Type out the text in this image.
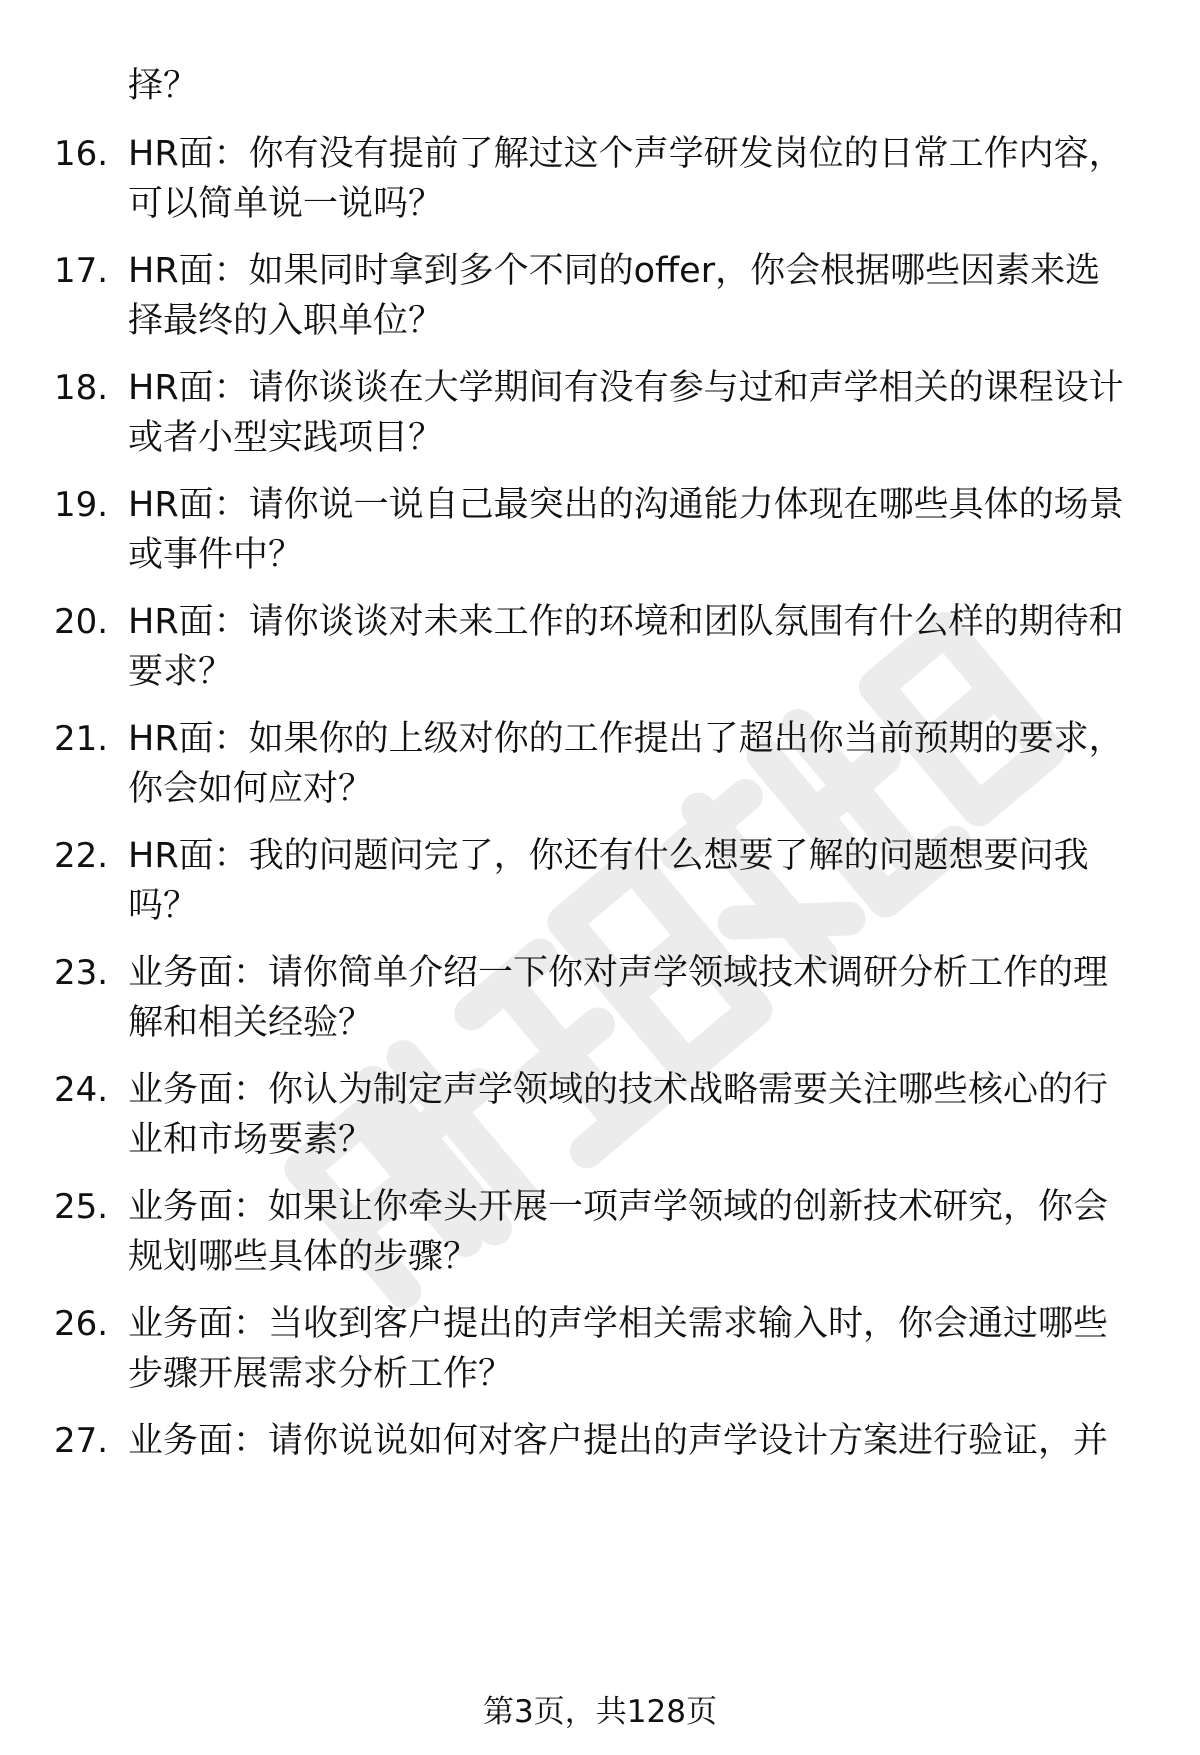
择？
16. HR面：你有没有提前了解过这个声学研发岗位的日常工作内容，
可以简单说一说吗？
17. HR面：如果同时拿到多个不同的offer，你会根据哪些因素来选
择最终的入职单位？
18. HR面：请你谈谈在大学期间有没有参与过和声学相关的课程设计
或者小型实践项目？
19. HR面：请你说一说自己最突出的沟通能力体现在哪些具体的场景
或事件中？
20. HR面：请你谈谈对未来工作的环境和团队氛围有什么样的期待和
要求？
21. HR面：如果你的上级对你的工作提出了超出你当前预期的要求，
你会如何应对？
22. HR面：我的问题问完了，你还有什么想要了解的问题想要问我
吗？
23. 业务面：请你简单介绍一下你对声学领域技术调研分析工作的理
解和相关经验？
24. 业务面：你认为制定声学领域的技术战略需要关注哪些核心的行
业和市场要素？
25. 业务面：如果让你牵头开展一项声学领域的创新技术研究，你会
规划哪些具体的步骤？
26. 业务面：当收到客户提出的声学相关需求输入时，你会通过哪些
步骤开展需求分析工作？
27. 业务面：请你说说如何对客户提出的声学设计方案进行验证，并
第3页，共128页
